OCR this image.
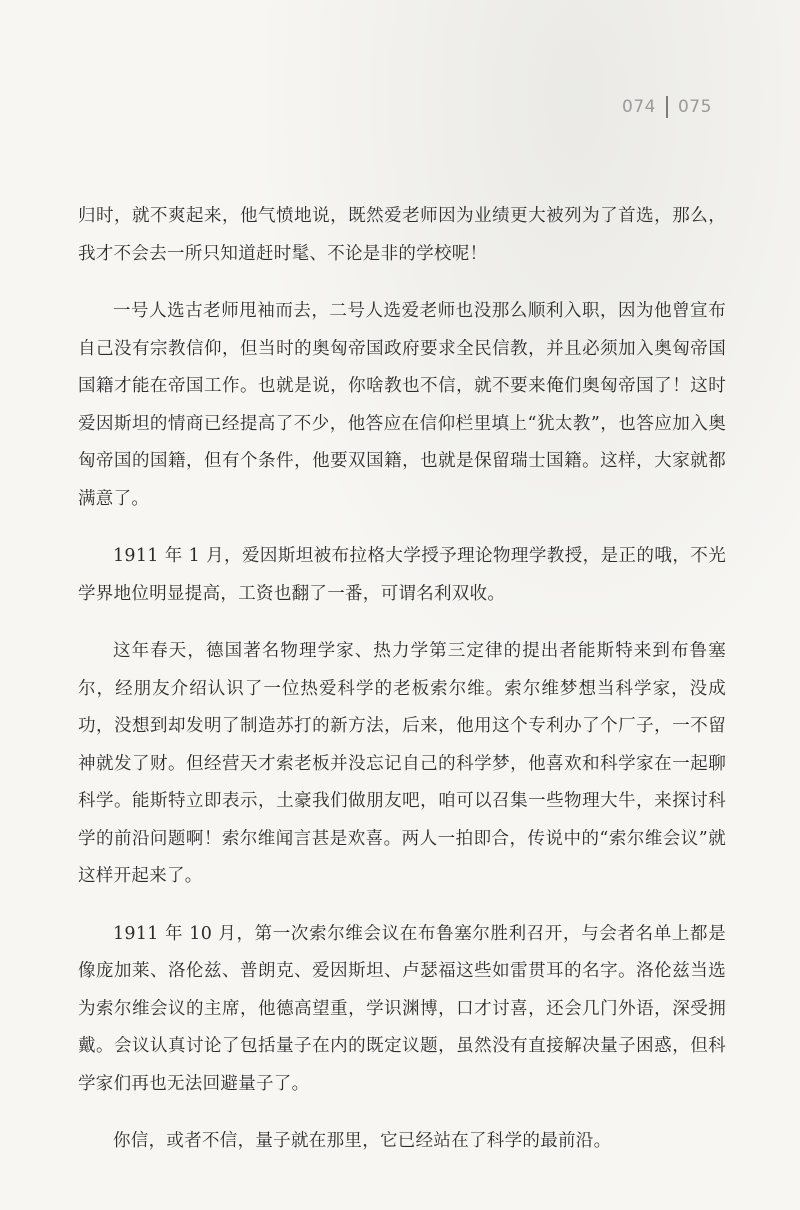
074 075

归时，就不爽起来，他气愤地说，既然爱老师因为业绩更大被列为了首选，那么，我才不会去一所只知道赶时髦、不论是非的学校呢！

一号人选古老师甩袖而去，二号人选爱老师也没那么顺利入职，因为他曾宣布自己没有宗教信仰，但当时的奥匈帝国政府要求全民信教，并且必须加入奥匈帝国国籍才能在帝国工作。也就是说，你啥教也不信，就不要来俺们奥匈帝国了！这时爱因斯坦的情商已经提高了不少，他答应在信仰栏里填上“犹太教”，也答应加入奥匈帝国的国籍，但有个条件，他要双国籍，也就是保留瑞士国籍。这样，大家就都满意了。

1911 年 1 月，爱因斯坦被布拉格大学授予理论物理学教授，是正的哦，不光学界地位明显提高，工资也翻了一番，可谓名利双收。

这年春天，德国著名物理学家、热力学第三定律的提出者能斯特来到布鲁塞尔，经朋友介绍认识了一位热爱科学的老板索尔维。索尔维梦想当科学家，没成功，没想到却发明了制造苏打的新方法，后来，他用这个专利办了个厂子，一不留神就发了财。但经营天才索老板并没忘记自己的科学梦，他喜欢和科学家在一起聊科学。能斯特立即表示，土豪我们做朋友吧，咱可以召集一些物理大牛，来探讨科学的前沿问题啊！索尔维闻言甚是欢喜。两人一拍即合，传说中的“索尔维会议”就这样开起来了。

1911 年 10 月，第一次索尔维会议在布鲁塞尔胜利召开，与会者名单上都是像庞加莱、洛伦兹、普朗克、爱因斯坦、卢瑟福这些如雷贯耳的名字。洛伦兹当选为索尔维会议的主席，他德高望重，学识渊博，口才讨喜，还会几门外语，深受拥戴。会议认真讨论了包括量子在内的既定议题，虽然没有直接解决量子困惑，但科学家们再也无法回避量子了。

你信，或者不信，量子就在那里，它已经站在了科学的最前沿。
